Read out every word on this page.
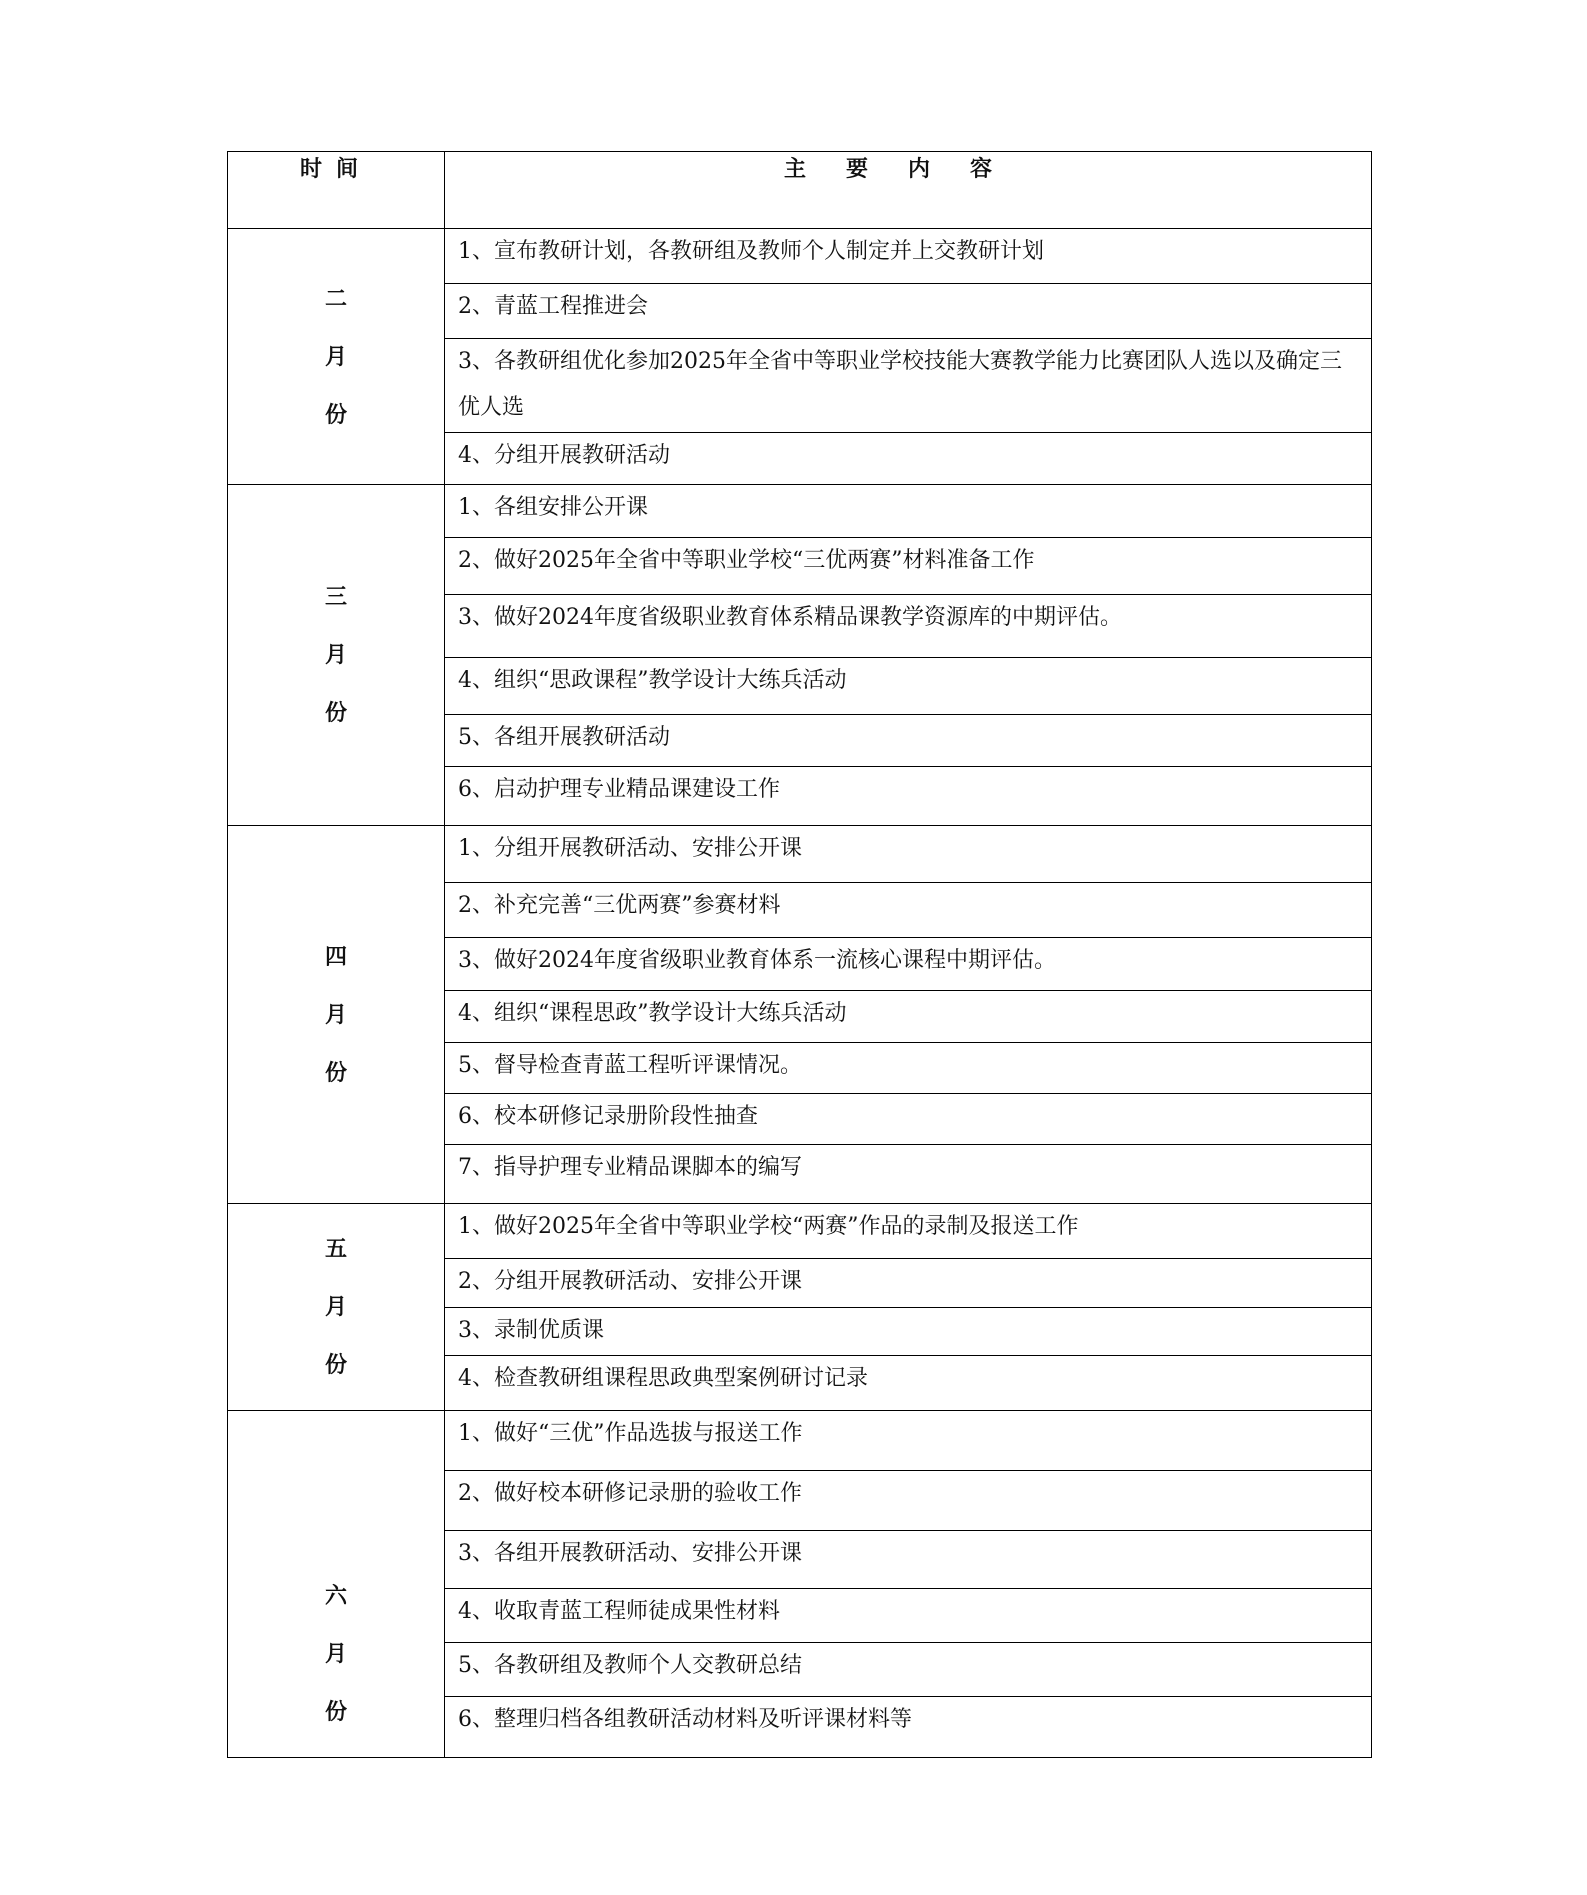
时间	主要内容

二
月
份	1、宣布教研计划，各教研组及教师个人制定并上交教研计划
	2、青蓝工程推进会
	3、各教研组优化参加2025年全省中等职业学校技能大赛教学能力比赛团队人选以及确定三优人选
	4、分组开展教研活动

三
月
份	1、各组安排公开课
	2、做好2025年全省中等职业学校“三优两赛”材料准备工作
	3、做好2024年度省级职业教育体系精品课教学资源库的中期评估。
	4、组织“思政课程”教学设计大练兵活动
	5、各组开展教研活动
	6、启动护理专业精品课建设工作

四
月
份	1、分组开展教研活动、安排公开课
	2、补充完善“三优两赛”参赛材料
	3、做好2024年度省级职业教育体系一流核心课程中期评估。
	4、组织“课程思政”教学设计大练兵活动
	5、督导检查青蓝工程听评课情况。
	6、校本研修记录册阶段性抽查
	7、指导护理专业精品课脚本的编写

五
月
份	1、做好2025年全省中等职业学校“两赛”作品的录制及报送工作
	2、分组开展教研活动、安排公开课
	3、录制优质课
	4、检查教研组课程思政典型案例研讨记录

六
月
份	1、做好“三优”作品选拔与报送工作
	2、做好校本研修记录册的验收工作
	3、各组开展教研活动、安排公开课
	4、收取青蓝工程师徒成果性材料
	5、各教研组及教师个人交教研总结
	6、整理归档各组教研活动材料及听评课材料等
